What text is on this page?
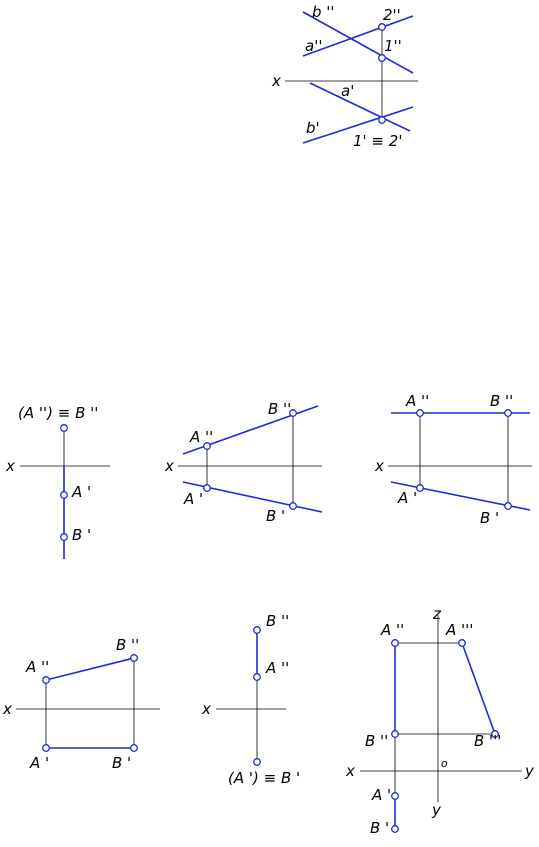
b ''	2''
a''	1''
x
a'
b'
1' ≡ 2'
(A '') ≡ B ''
x
A '
B '
A ''
B ''
x
A '
B '
A ''	B ''
x
A '
B '
A ''
B ''
x
A '	B '
B ''
A ''
x
(A ') ≡ B '
z
A ''	A '''
B ''	B '''
x	o	y
A '
y
B '
